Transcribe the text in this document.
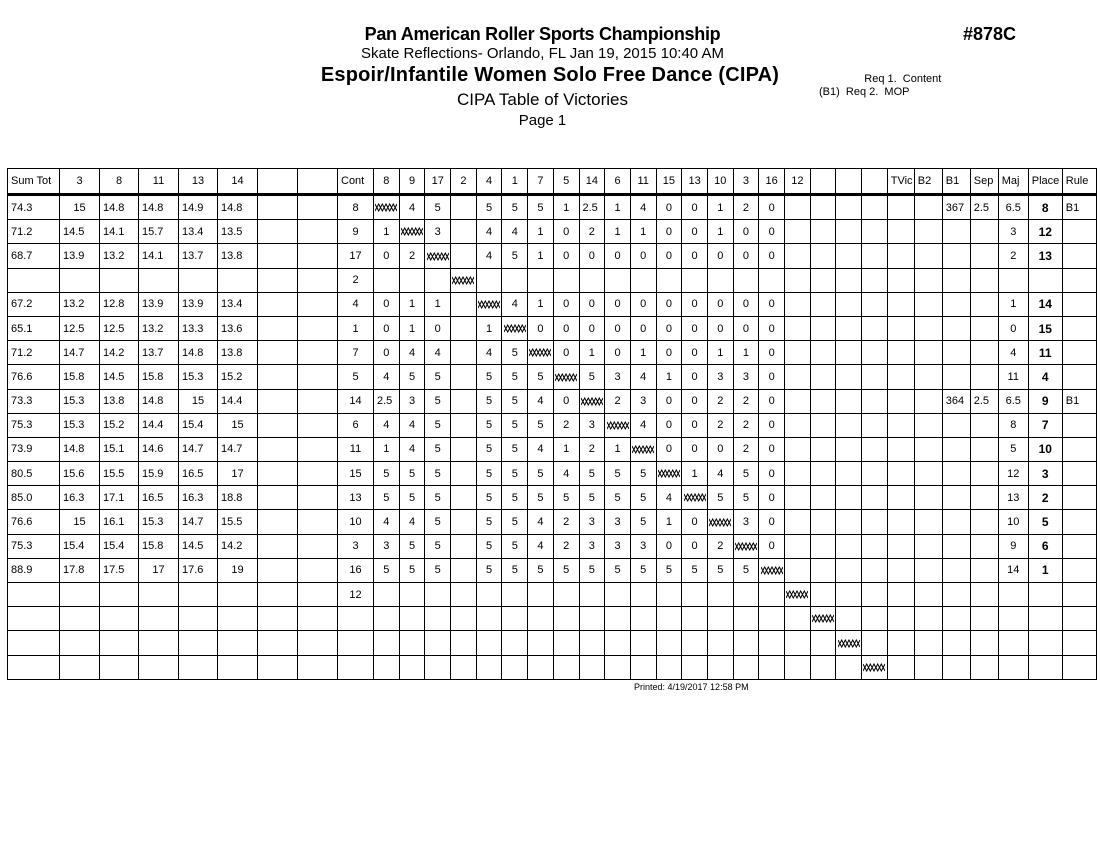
Pan American Roller Sports Championship
Skate Reflections- Orlando, FL Jan 19, 2015 10:40 AM
Espoir/Infantile Women Solo Free Dance (CIPA)
CIPA Table of Victories
Page 1
#878C
Req 1.  Content
(B1)  Req 2.  MOP
Sum Tot	3	8	11	13	14			Cont	8	9	17	2	4	1	7	5	14	6	11	15	13	10	3	16	12				TVic	B2	B1	Sep	Maj	Place	Rule
74.3	15	14.8	14.8	14.9	14.8			8		4	5		5	5	5	1	2.5	1	4	0	0	1	2	0							367	2.5	6.5	8	B1
71.2	14.5	14.1	15.7	13.4	13.5			9	1		3		4	4	1	0	2	1	1	0	0	1	0	0									3	12	
68.7	13.9	13.2	14.1	13.7	13.8			17	0	2			4	5	1	0	0	0	0	0	0	0	0	0									2	13	
								2																											
67.2	13.2	12.8	13.9	13.9	13.4			4	0	1	1			4	1	0	0	0	0	0	0	0	0	0									1	14	
65.1	12.5	12.5	13.2	13.3	13.6			1	0	1	0		1		0	0	0	0	0	0	0	0	0	0									0	15	
71.2	14.7	14.2	13.7	14.8	13.8			7	0	4	4		4	5		0	1	0	1	0	0	1	1	0									4	11	
76.6	15.8	14.5	15.8	15.3	15.2			5	4	5	5		5	5	5		5	3	4	1	0	3	3	0									11	4	
73.3	15.3	13.8	14.8	15	14.4			14	2.5	3	5		5	5	4	0		2	3	0	0	2	2	0							364	2.5	6.5	9	B1
75.3	15.3	15.2	14.4	15.4	15			6	4	4	5		5	5	5	2	3		4	0	0	2	2	0									8	7	
73.9	14.8	15.1	14.6	14.7	14.7			11	1	4	5		5	5	4	1	2	1		0	0	0	2	0									5	10	
80.5	15.6	15.5	15.9	16.5	17			15	5	5	5		5	5	5	4	5	5	5		1	4	5	0									12	3	
85.0	16.3	17.1	16.5	16.3	18.8			13	5	5	5		5	5	5	5	5	5	5	4		5	5	0									13	2	
76.6	15	16.1	15.3	14.7	15.5			10	4	4	5		5	5	4	2	3	3	5	1	0		3	0									10	5	
75.3	15.4	15.4	15.8	14.5	14.2			3	3	5	5		5	5	4	2	3	3	3	0	0	2		0									9	6	
88.9	17.8	17.5	17	17.6	19			16	5	5	5		5	5	5	5	5	5	5	5	5	5	5										14	1	
								12																											

Printed: 4/19/2017 12:58 PM
